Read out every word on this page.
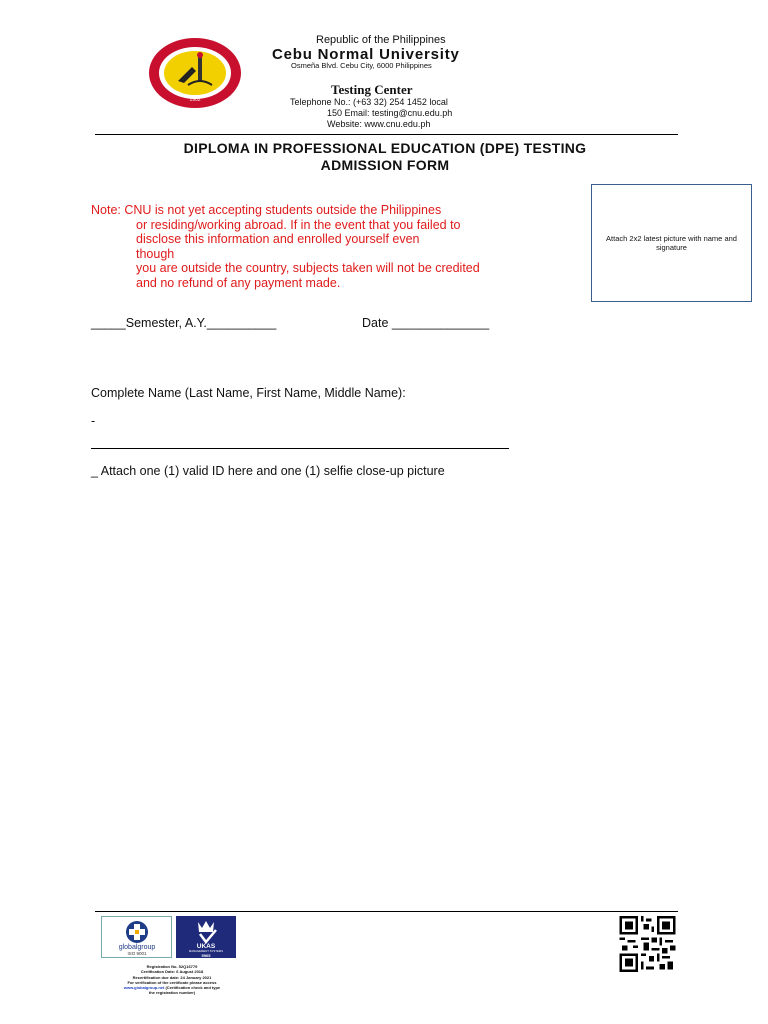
1902
Republic of the Philippines
Cebu Normal University
Osmeña Blvd. Cebu City, 6000 Philippines
Testing Center
Telephone No.: (+63 32) 254 1452 local
150 Email: testing@cnu.edu.ph
Website: www.cnu.edu.ph
DIPLOMA IN PROFESSIONAL EDUCATION (DPE) TESTING
ADMISSION FORM
Note: CNU is not yet accepting students outside the Philippines
or residing/working abroad. If in the event that you failed to
disclose this information and enrolled yourself even
though
you are outside the country, subjects taken will not be credited
and no refund of any payment made.
Attach 2x2 latest picture with name and signature
_____Semester, A.Y.__________	Date ______________
Complete Name (Last Name, First Name, Middle Name):
-
_ Attach one (1) valid ID here and one (1) selfie close-up picture
globalgroup
ISO 9001
UKAS
MANAGEMENT SYSTEMS
5965
Registration No. 52Q16779
Certification Date: 6 August 2018
Recertification due date: 24 January 2021
For verification of the certificate please access
www.globalgroup.net (Certification check and type
the registration number)
